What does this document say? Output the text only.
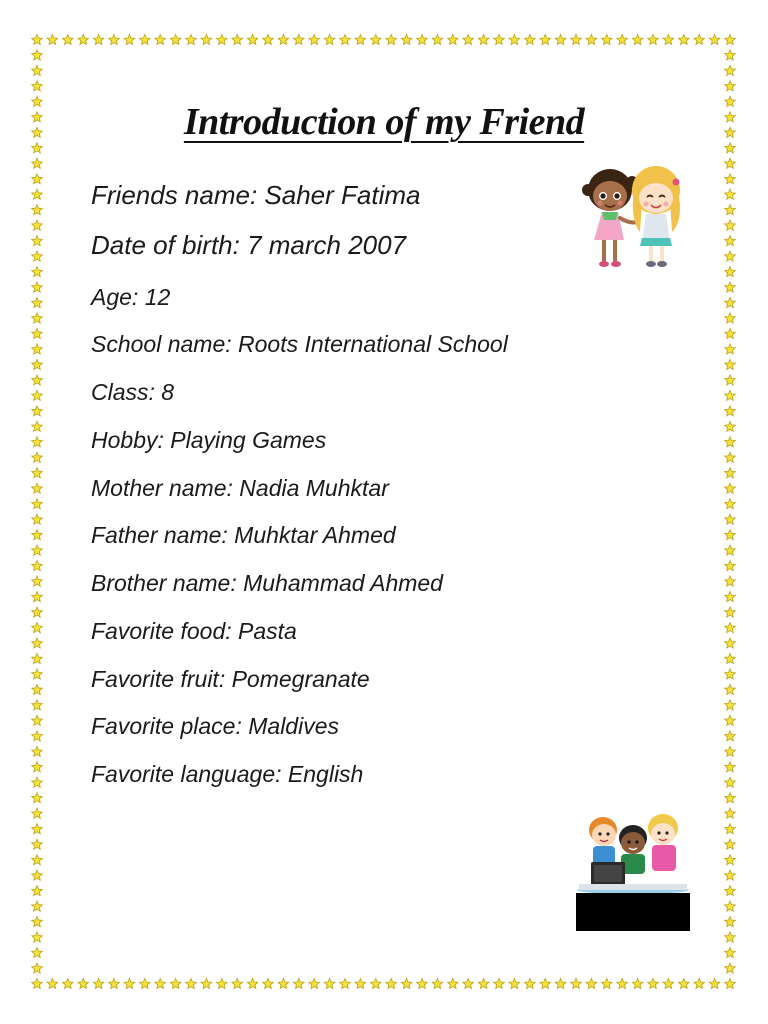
Introduction of my Friend
Friends name: Saher Fatima
Date of birth: 7 march 2007
Age: 12
School name: Roots International School
Class: 8
Hobby: Playing Games
Mother name: Nadia Muhktar
Father name: Muhktar Ahmed
Brother name: Muhammad Ahmed
Favorite food: Pasta
Favorite fruit: Pomegranate
Favorite place: Maldives
Favorite language: English
